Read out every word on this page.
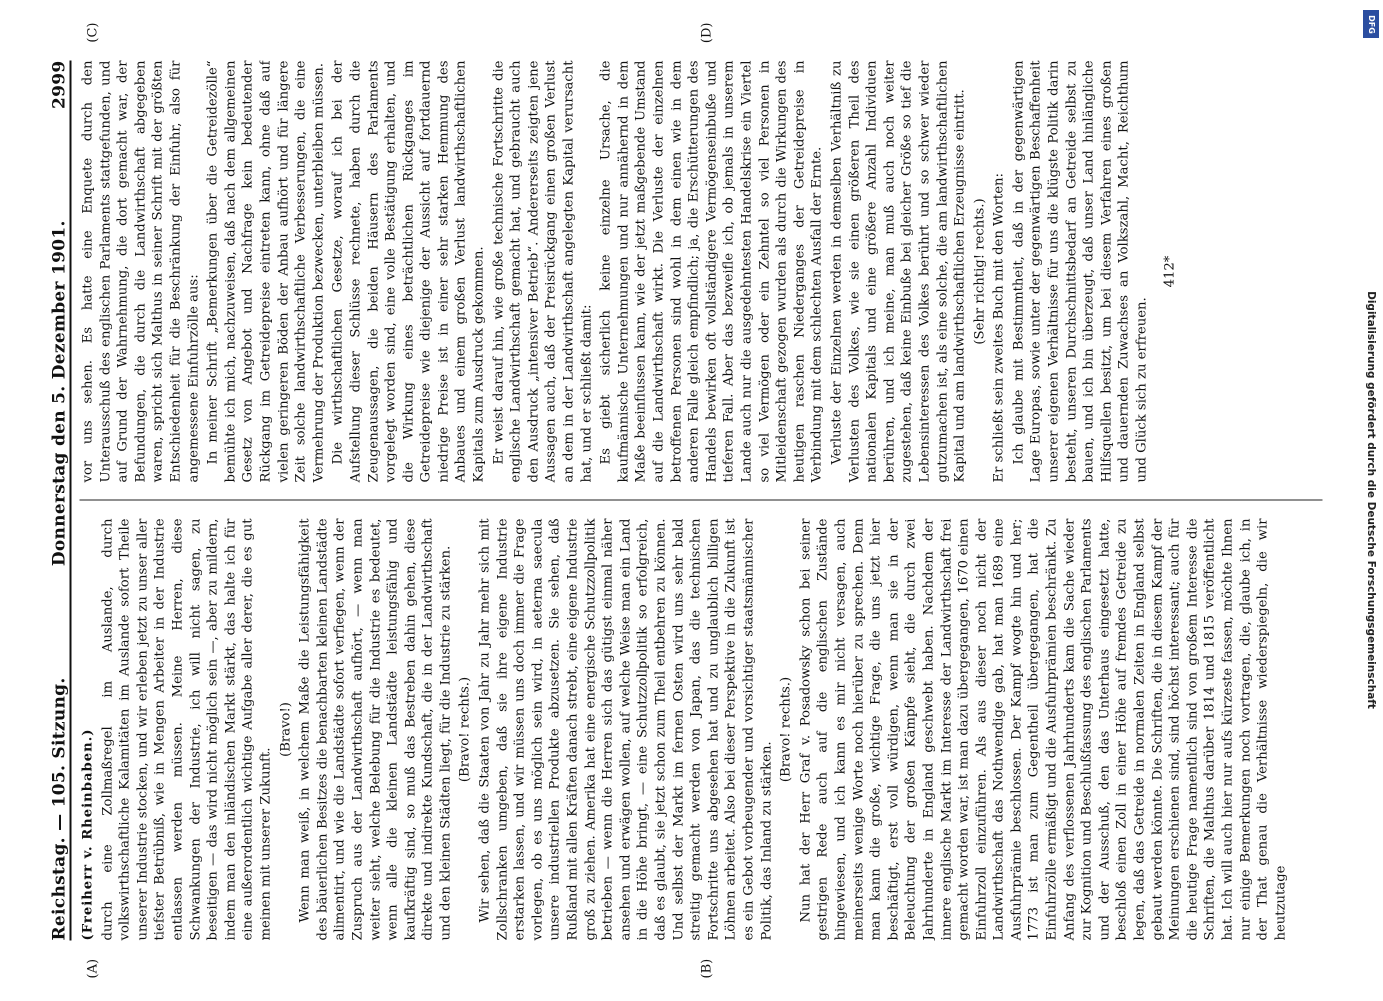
Reichstag. — 105. Sitzung.
Donnerstag den 5. Dezember 1901.
2999
(A)	(B)
(C)	(D)

(Freiherr v. Rheinbaben.) durch eine Zollmaßregel im Auslande, durch volkswirthschaftliche Kalamitäten im Auslande sofort Theile unserer Industrie stocken, und wir erleben jetzt zu unser aller tiefster Betrübniß, wie in Mengen Arbeiter in der Industrie entlassen werden müssen. Meine Herren, diese Schwankungen der Industrie, ich will nicht sagen, zu beseitigen — das wird nicht möglich sein —, aber zu mildern, indem man den inländischen Markt stärkt, das halte ich für eine außerordentlich wichtige Aufgabe aller derer, die es gut meinen mit unserer Zukunft.

(Bravo!) Wenn man weiß, in welchem Maße die Leistungsfähigkeit des bäuerlichen Besitzes die benachbarten kleinen Landstädte alimentirt, und wie die Landstädte sofort verfiegen, wenn der Zuspruch aus der Landwirthschaft aufhört, — wenn man weiter sieht, welche Belebung für die Industrie es bedeutet, wenn alle die kleinen Landstädte leistungsfähig und kaufkräftig sind, so muß das Bestreben dahin gehen, diese direkte und indirekte Kundschaft, die in der Landwirthschaft und den kleinen Städten liegt, für die Industrie zu stärken. (Bravo! rechts.) Wir sehen, daß die Staaten von Jahr zu Jahr mehr sich mit Zollschranken umgeben, daß sie ihre eigene Industrie erstarken lassen, und wir müssen uns doch immer die Frage vorlegen, ob es uns möglich sein wird, in aeterna saecula unsere industriellen Produkte abzusetzen. Sie sehen, daß Rußland mit allen Kräften danach strebt, eine eigene Industrie groß zu ziehen. Amerika hat eine energische Schutzzollpolitik betrieben — wenn die Herren sich das gütigst einmal näher ansehen und erwägen wollen, auf welche Weise man ein Land in die Höhe bringt, — eine Schutzzollpolitik so erfolgreich, daß es glaubt, sie jetzt schon zum Theil entbehren zu können. Und selbst der Markt im fernen Osten wird uns sehr bald streitig gemacht werden von Japan, das die technischen Fortschritte uns abgesehen hat und zu unglaublich billigen Löhnen arbeitet. Also bei dieser Perspektive in die Zukunft ist es ein Gebot vorbeugender und vorsichtiger staatsmännischer Politik, das Inland zu stärken.

(Bravo! rechts.) Nun hat der Herr Graf v. Posadowsky schon bei seiner gestrigen Rede auch auf die englischen Zustände hingewiesen, und ich kann es mir nicht versagen, auch meinerseits wenige Worte noch hierüber zu sprechen. Denn man kann die große, wichtige Frage, die uns jetzt hier beschäftigt, erst voll würdigen, wenn man sie in der Beleuchtung der großen Kämpfe sieht, die durch zwei Jahrhunderte in England geschwebt haben. Nachdem der innere englische Markt im Interesse der Landwirthschaft frei gemacht worden war, ist man dazu übergegangen, 1670 einen Einfuhrzoll einzuführen. Als aus dieser noch nicht der Landwirthschaft das Nothwendige gab, hat man 1689 eine Ausfuhrprämie beschlossen. Der Kampf wogte hin und her; 1773 ist man zum Gegentheil übergegangen, hat die Einfuhrzölle ermäßigt und die Ausfuhrprämien beschränkt. Zu Anfang des verflossenen Jahrhunderts kam die Sache wieder zur Kognition und Beschlußfassung des englischen Parlaments und der Ausschuß, den das Unterhaus eingesetzt hatte, beschloß einen Zoll in einer Höhe auf fremdes Getreide zu legen, daß das Getreide in normalen Zeiten in England selbst gebaut werden könnte. Die Schriften, die in diesem Kampf der Meinungen erschienen sind, sind höchst interessant; auch für die heutige Frage namentlich sind von großem Interesse die Schriften, die Malthus darüber 1814 und 1815 veröffentlicht hat. Ich will auch hier nur aufs kürzeste fassen, möchte Ihnen nur einige Bemerkungen noch vortragen, die, glaube ich, in der That genau die Verhältnisse wiederspiegeln, die wir heutzutage

vor uns sehen. Es hatte eine Enquete durch den Unterausschuß des englischen Parlaments stattgefunden, und auf Grund der Wahrnehmung, die dort gemacht war, der Befundungen, die durch die Landwirthschaft abgegeben waren, spricht sich Malthus in seiner Schrift mit der größten Entschiedenheit für die Beschränkung der Einfuhr, also für angemessene Einfuhrzölle aus: In meiner Schrift „Bemerkungen über die Getreidezölle“ bemühte ich mich, nachzuweisen, daß nach dem allgemeinen Gesetz von Angebot und Nachfrage kein bedeutender Rückgang im Getreidepreise eintreten kann, ohne daß auf vielen geringeren Böden der Anbau aufhört und für längere Zeit solche landwirthschaftliche Verbesserungen, die eine Vermehrung der Produktion bezwecken, unterbleiben müssen. Die wirthschaftlichen Gesetze, worauf ich bei der Aufstellung dieser Schlüsse rechnete, haben durch die Zeugenaussagen, die beiden Häusern des Parlaments vorgelegt worden sind, eine volle Bestätigung erhalten, und die Wirkung eines beträchtlichen Rückganges im Getreidepreise wie diejenige der Aussicht auf fortdauernd niedrige Preise ist in einer sehr starken Hemmung des Anbaues und einem großen Verlust landwirthschaftlichen Kapitals zum Ausdruck gekommen. Er weist darauf hin, wie große technische Fortschritte die englische Landwirthschaft gemacht hat, und gebraucht auch den Ausdruck „intensiver Betrieb“. Andererseits zeigten jene Aussagen auch, daß der Preisrückgang einen großen Verlust an dem in der Landwirthschaft angelegten Kapital verursacht hat, und er schließt damit: Es giebt sicherlich keine einzelne Ursache, die kaufmännische Unternehmungen und nur annähernd in dem Maße beeinflussen kann, wie der jetzt maßgebende Umstand auf die Landwirthschaft wirkt. Die Verluste der einzelnen betroffenen Personen sind wohl in dem einen wie in dem anderen Falle gleich empfindlich; ja, die Erschütterungen des Handels bewirken oft vollständigere Vermögenseinbuße und tieferen Fall. Aber das bezweifle ich, ob jemals in unserem Lande auch nur die ausgedehntesten Handelskrise ein Viertel so viel Vermögen oder ein Zehntel so viel Personen in Mitleidenschaft gezogen wurden als durch die Wirkungen des heutigen raschen Niederganges der Getreidepreise in Verbindung mit dem schlechten Ausfall der Ernte. Verluste der Einzelnen werden in demselben Verhältniß zu Verlusten des Volkes, wie sie einen größeren Theil des nationalen Kapitals und eine größere Anzahl Individuen berühren, und ich meine, man muß auch noch weiter zugestehen, daß keine Einbuße bei gleicher Größe so tief die Lebensinteressen des Volkes berührt und so schwer wieder gutzumachen ist, als eine solche, die am landwirthschaftlichen Kapital und am landwirthschaftlichen Erzeugnisse eintritt. (Sehr richtig! rechts.) Er schließt sein zweites Buch mit den Worten: Ich glaube mit Bestimmtheit, daß in der gegenwärtigen Lage Europas, sowie unter der gegenwärtigen Beschaffenheit unserer eigenen Verhältnisse für uns die klügste Politik darin besteht, unseren Durchschnittsbedarf an Getreide selbst zu bauen, und ich bin überzeugt, daß unser Land hinlängliche Hilfsquellen besitzt, um bei diesem Verfahren eines großen und dauernden Zuwachses an Volkszahl, Macht, Reichthum und Glück sich zu erfreuen.

412*

DFG
Digitalisierung gefördert durch die Deutsche Forschungsgemeinschaft
